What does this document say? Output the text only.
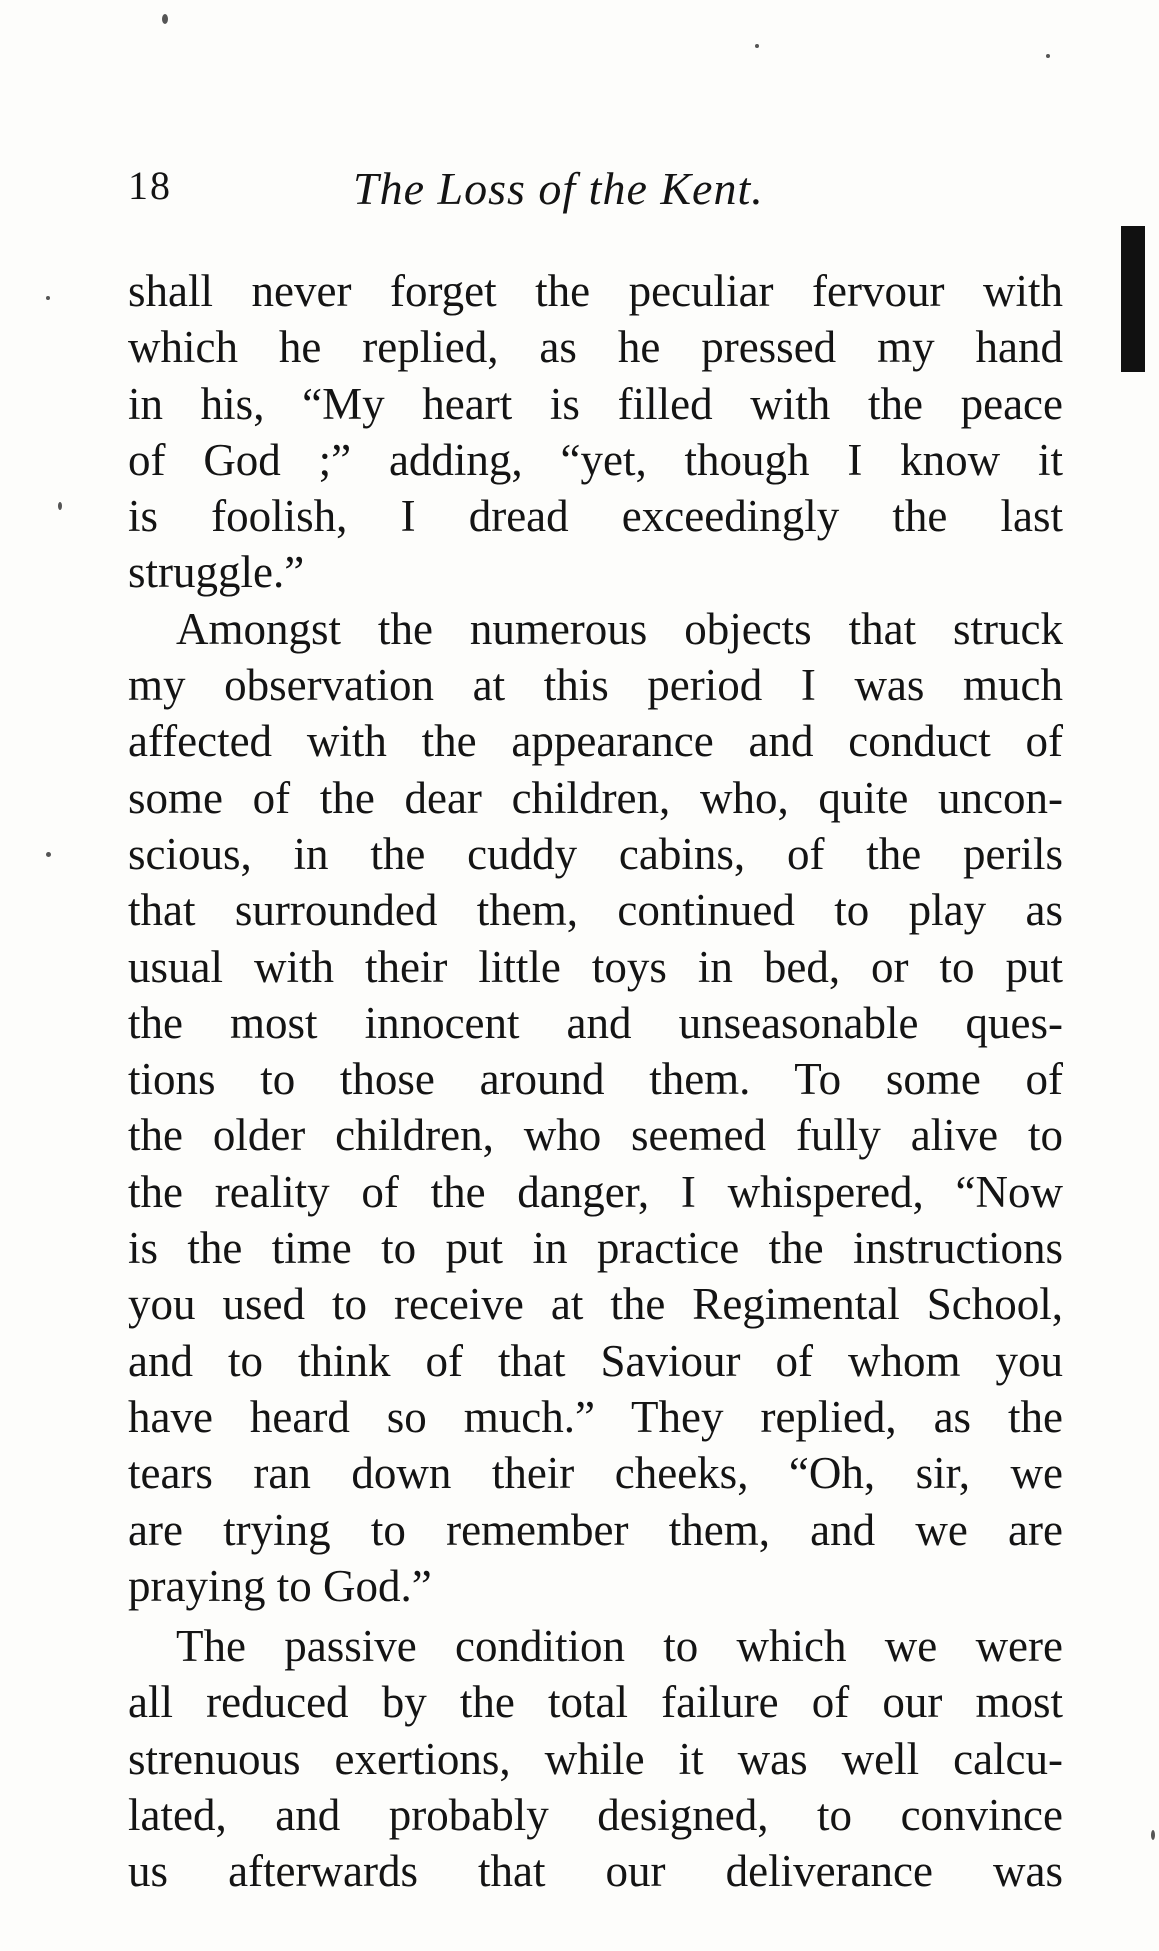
18	The Loss of the Kent.
shall never forget the peculiar fervour with
which he replied, as he pressed my hand
in his, “My heart is filled with the peace
of God ;” adding, “yet, though I know it
is foolish, I dread exceedingly the last
struggle.”
Amongst the numerous objects that struck
my observation at this period I was much
affected with the appearance and conduct of
some of the dear children, who, quite uncon-
scious, in the cuddy cabins, of the perils
that surrounded them, continued to play as
usual with their little toys in bed, or to put
the most innocent and unseasonable ques-
tions to those around them. To some of
the older children, who seemed fully alive to
the reality of the danger, I whispered, “Now
is the time to put in practice the instructions
you used to receive at the Regimental School,
and to think of that Saviour of whom you
have heard so much.” They replied, as the
tears ran down their cheeks, “Oh, sir, we
are trying to remember them, and we are
praying to God.”
The passive condition to which we were
all reduced by the total failure of our most
strenuous exertions, while it was well calcu-
lated, and probably designed, to convince
us afterwards that our deliverance was
